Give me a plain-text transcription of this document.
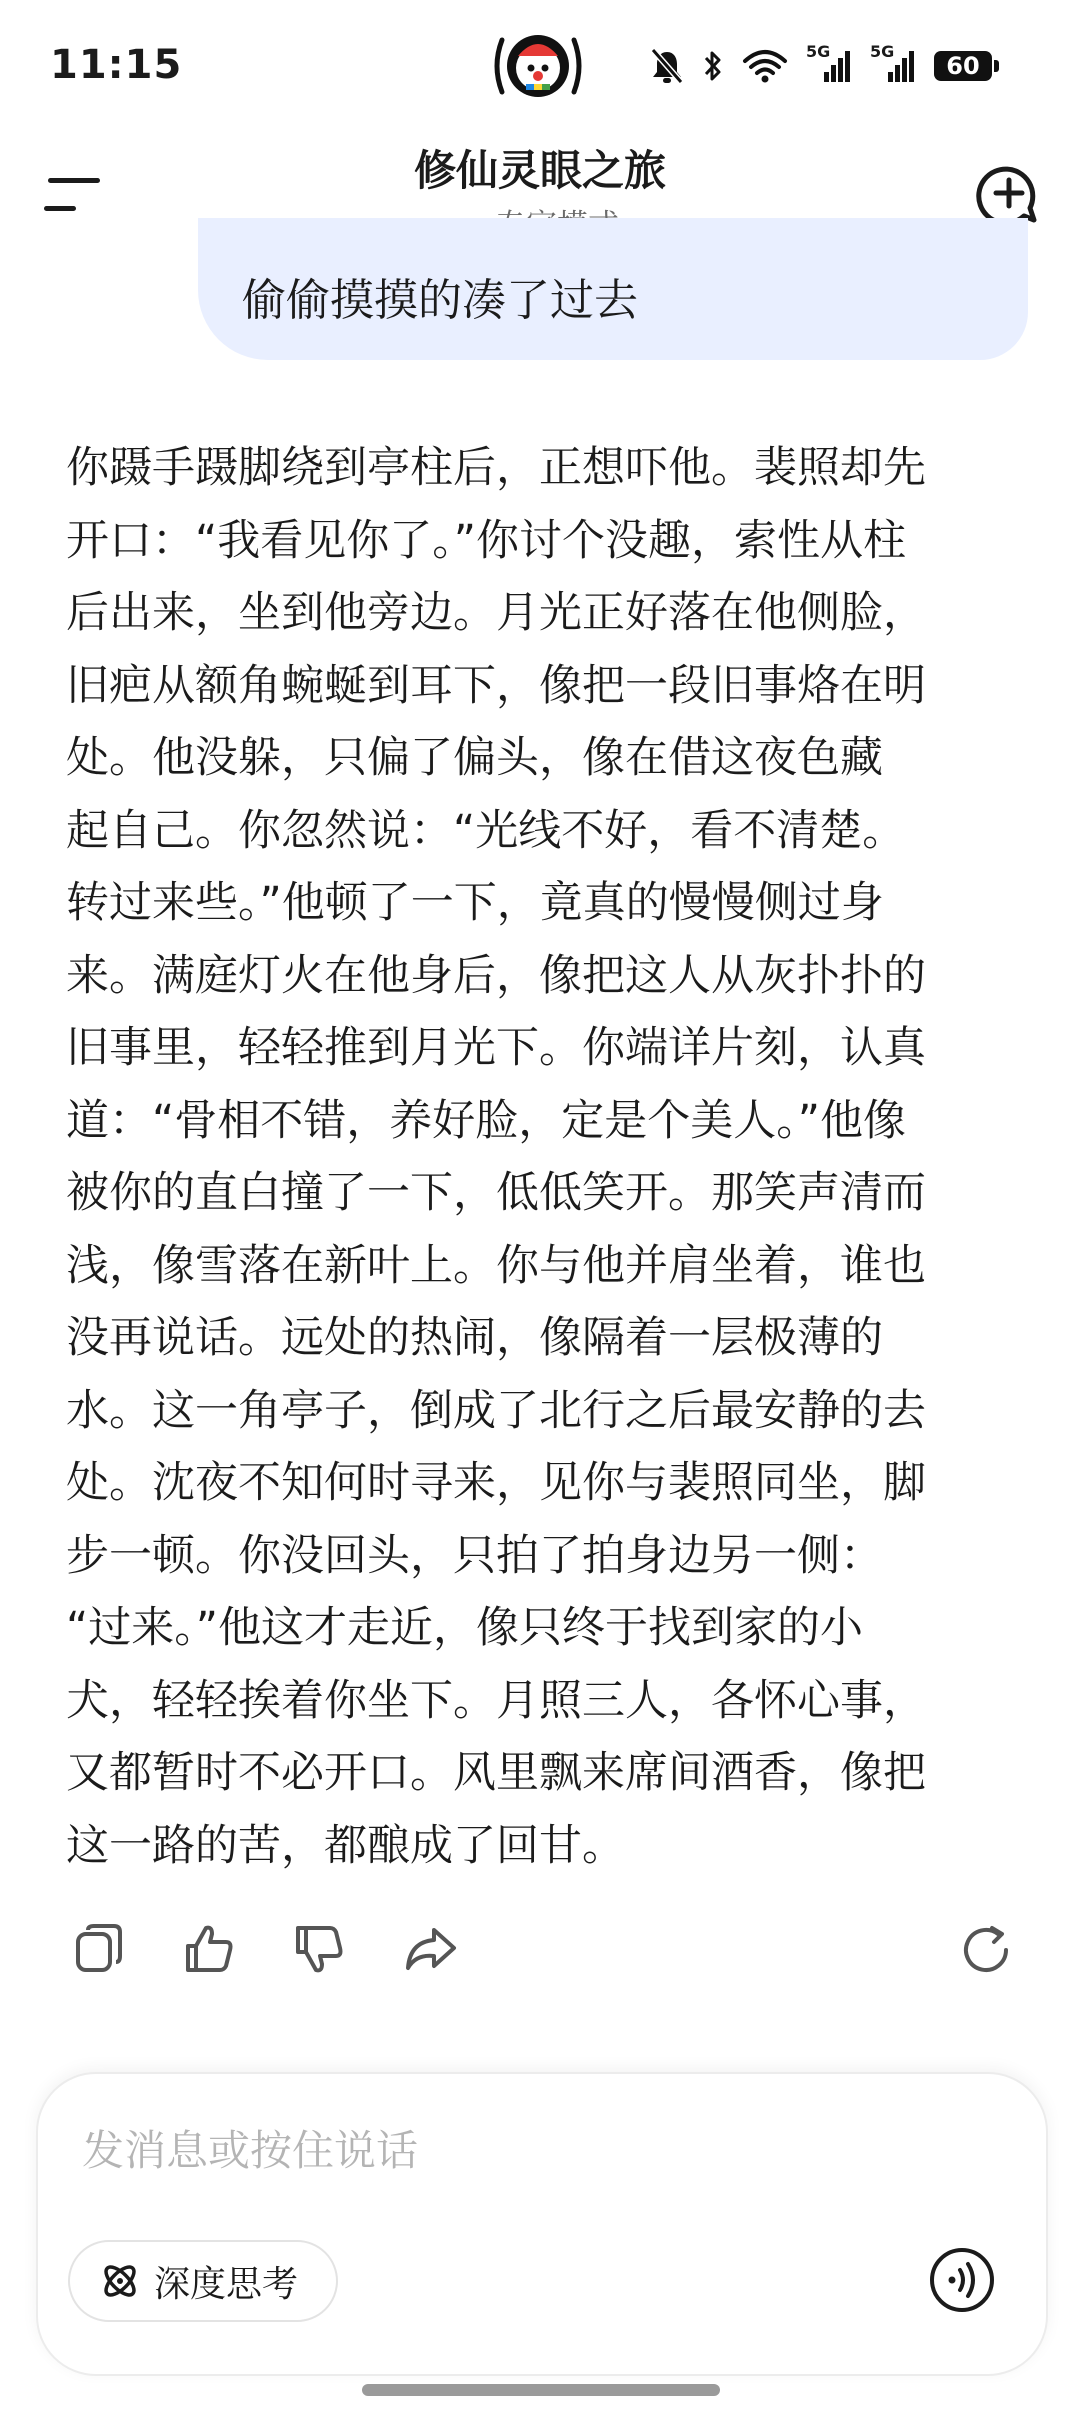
11:15	5G 5G
60
修仙灵眼之旅
偷偷摸摸的凑了过去
你蹑手蹑脚绕到亭柱后，正想吓他。裴照却先
开口：“我看见你了。”你讨个没趣，索性从柱
后出来，坐到他旁边。月光正好落在他侧脸，
旧疤从额角蜿蜒到耳下，像把一段旧事烙在明
处。他没躲，只偏了偏头，像在借这夜色藏
起自己。你忽然说：“光线不好，看不清楚。
转过来些。”他顿了一下，竟真的慢慢侧过身
来。满庭灯火在他身后，像把这人从灰扑扑的
旧事里，轻轻推到月光下。你端详片刻，认真
道：“骨相不错，养好脸，定是个美人。”他像
被你的直白撞了一下，低低笑开。那笑声清而
浅，像雪落在新叶上。你与他并肩坐着，谁也
没再说话。远处的热闹，像隔着一层极薄的
水。这一角亭子，倒成了北行之后最安静的去
处。沈夜不知何时寻来，见你与裴照同坐，脚
步一顿。你没回头，只拍了拍身边另一侧：
“过来。”他这才走近，像只终于找到家的小
犬，轻轻挨着你坐下。月照三人，各怀心事，
又都暂时不必开口。风里飘来席间酒香，像把
这一路的苦，都酿成了回甘。
发消息或按住说话
深度思考
